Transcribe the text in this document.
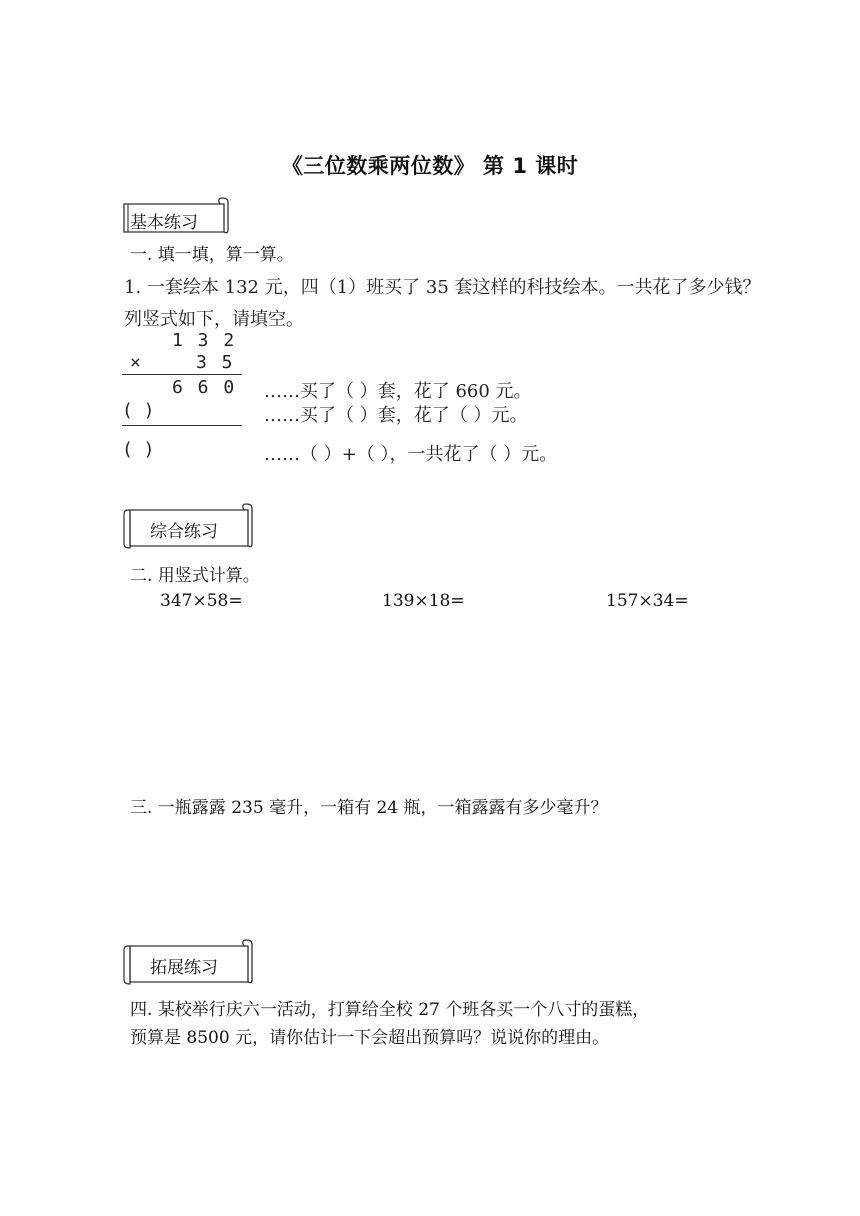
《三位数乘两位数》 第 1 课时
基本练习
一. 填一填，算一算。
1. 一套绘本 132 元，四（1）班买了 35 套这样的科技绘本。一共花了多少钱？
列竖式如下，请填空。
1 3 2
×	3 5
6 6 0
( )
( )
……买了（ ）套，花了 660 元。
……买了（ ）套，花了（ ）元。
……（ ）+（ ），一共花了（ ）元。
综合练习
二. 用竖式计算。
347×58=	139×18=	157×34=
三. 一瓶露露 235 毫升，一箱有 24 瓶，一箱露露有多少毫升？
拓展练习
四. 某校举行庆六一活动，打算给全校 27 个班各买一个八寸的蛋糕，
预算是 8500 元，请你估计一下会超出预算吗？说说你的理由。
